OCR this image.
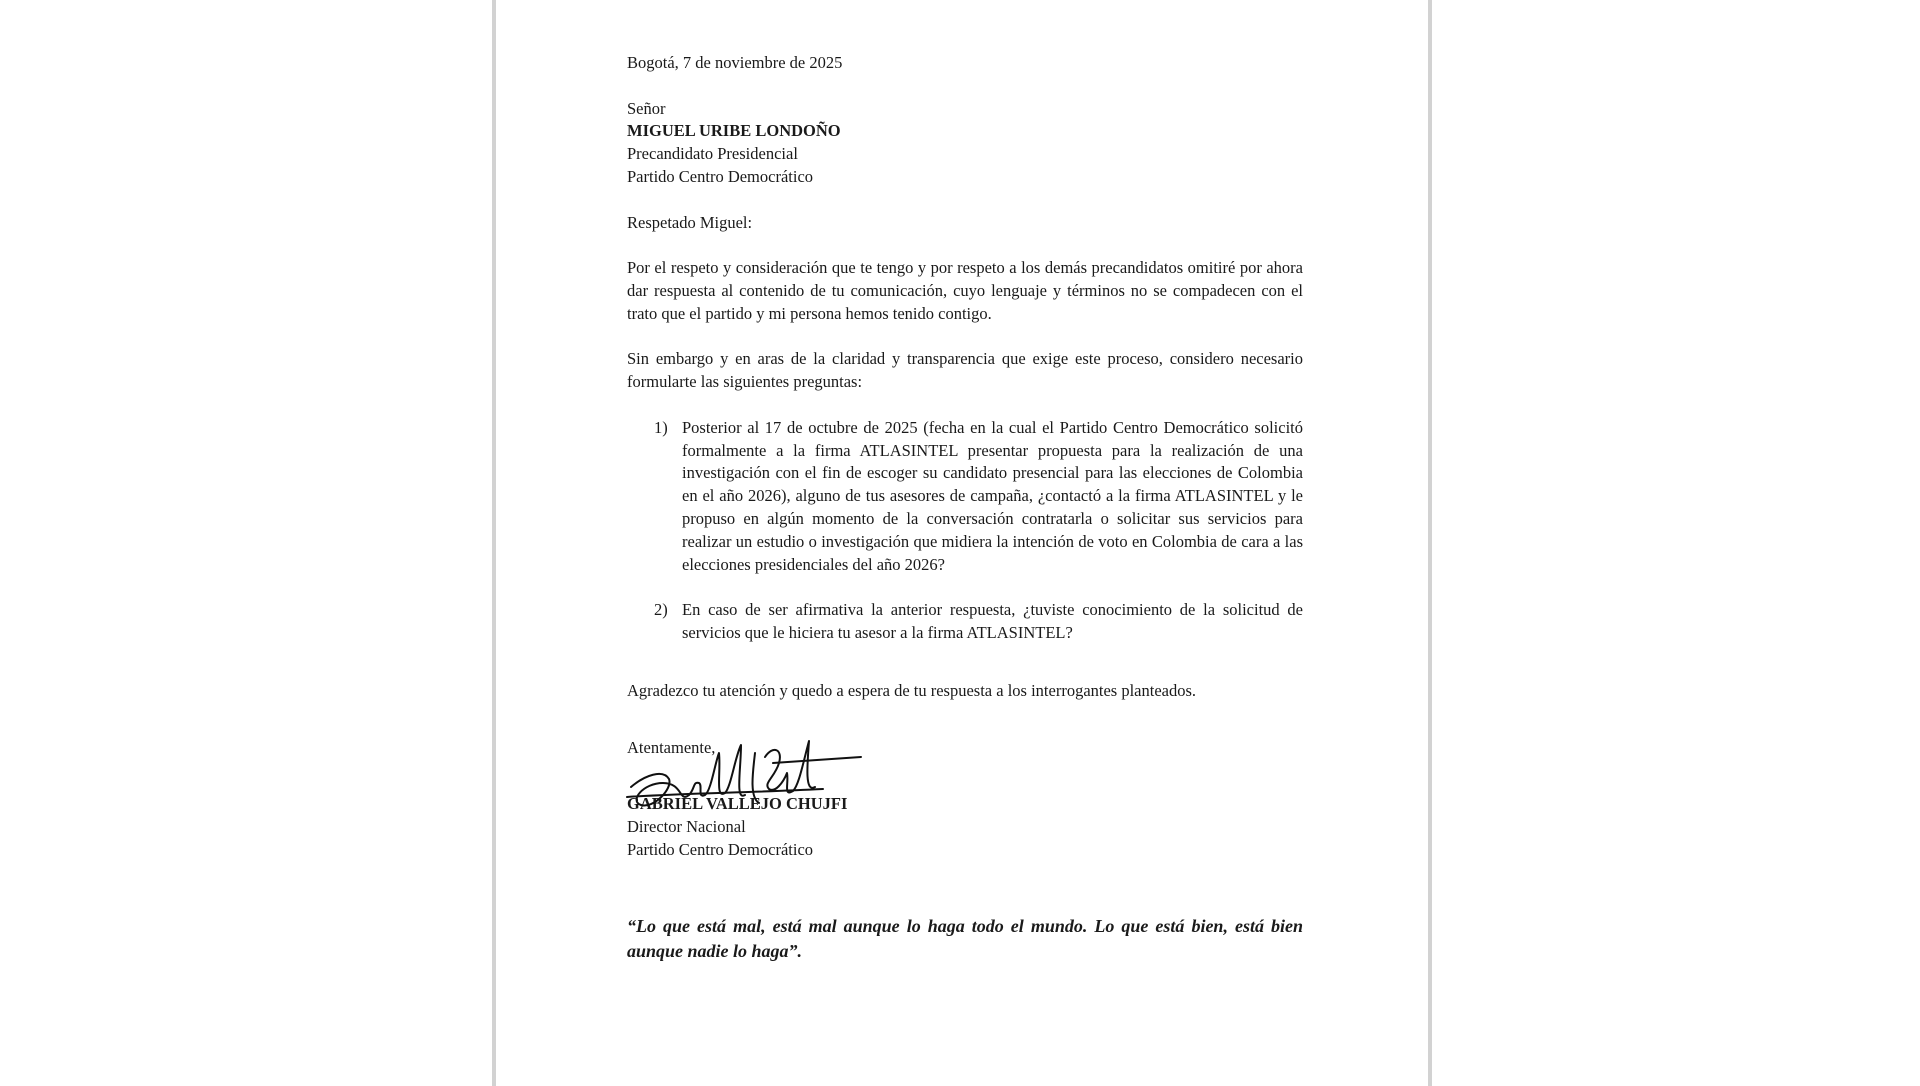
Bogotá, 7 de noviembre de 2025

Señor

MIGUEL URIBE LONDOÑO

Precandidato Presidencial

Partido Centro Democrático

Respetado Miguel:

Por el respeto y consideración que te tengo y por respeto a los demás precandidatos omitiré por ahora dar respuesta al contenido de tu comunicación, cuyo lenguaje y términos no se compadecen con el trato que el partido y mi persona hemos tenido contigo.

Sin embargo y en aras de la claridad y transparencia que exige este proceso, considero necesario formularte las siguientes preguntas:

1) Posterior al 17 de octubre de 2025 (fecha en la cual el Partido Centro Democrático solicitó formalmente a la firma ATLASINTEL presentar propuesta para la realización de una investigación con el fin de escoger su candidato presencial para las elecciones de Colombia en el año 2026), alguno de tus asesores de campaña, ¿contactó a la firma ATLASINTEL y le propuso en algún momento de la conversación contratarla o solicitar sus servicios para realizar un estudio o investigación que midiera la intención de voto en Colombia de cara a las elecciones presidenciales del año 2026?
2) En caso de ser afirmativa la anterior respuesta, ¿tuviste conocimiento de la solicitud de servicios que le hiciera tu asesor a la firma ATLASINTEL?

Agradezco tu atención y quedo a espera de tu respuesta a los interrogantes planteados.

Atentamente,

GABRIEL VALLEJO CHUJFI

Director Nacional

Partido Centro Democrático

“Lo que está mal, está mal aunque lo haga todo el mundo. Lo que está bien, está bien aunque nadie lo haga”.
